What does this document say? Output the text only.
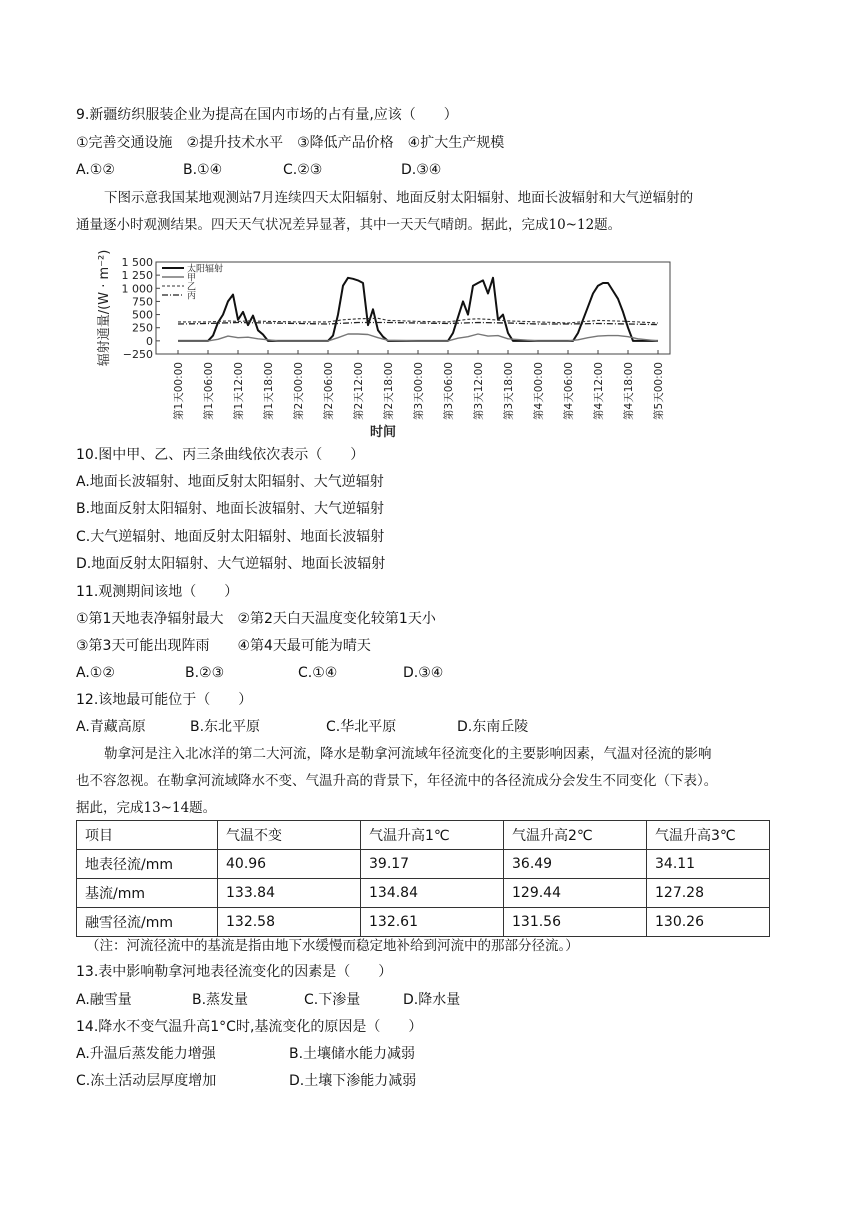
9.新疆纺织服装企业为提高在国内市场的占有量,应该（　　）
①完善交通设施　②提升技术水平　③降低产品价格　④扩大生产规模
A.①②	B.①④	C.②③	D.③④
下图示意我国某地观测站7月连续四天太阳辐射、地面反射太阳辐射、地面长波辐射和大气逆辐射的
通量逐小时观测结果。四天天气状况差异显著，其中一天天气晴朗。据此，完成10~12题。
1 500
1 250
1 000
750
500
250
0
−250
第1天00:00 第1天06:00 第1天12:00 第1天18:00 第2天00:00 第2天06:00 第2天12:00 第2天18:00 第3天00:00 第3天06:00 第3天12:00 第3天18:00 第4天00:00 第4天06:00 第4天12:00 第4天18:00 第5天00:00
太阳辐射
甲
乙
丙
辐射通量/(W · m⁻²)
时间
10.图中甲、乙、丙三条曲线依次表示（　　）
A.地面长波辐射、地面反射太阳辐射、大气逆辐射
B.地面反射太阳辐射、地面长波辐射、大气逆辐射
C.大气逆辐射、地面反射太阳辐射、地面长波辐射
D.地面反射太阳辐射、大气逆辐射、地面长波辐射
11.观测期间该地（　　）
①第1天地表净辐射最大　②第2天白天温度变化较第1天小
③第3天可能出现阵雨　　④第4天最可能为晴天
A.①②	B.②③	C.①④	D.③④
12.该地最可能位于（　　）
A.青藏高原	B.东北平原	C.华北平原	D.东南丘陵
勒拿河是注入北冰洋的第二大河流，降水是勒拿河流域年径流变化的主要影响因素，气温对径流的影响
也不容忽视。在勒拿河流域降水不变、气温升高的背景下，年径流中的各径流成分会发生不同变化（下表）。
据此，完成13~14题。
项目	气温不变	气温升高1℃	气温升高2℃	气温升高3℃
地表径流/mm	40.96	39.17	36.49	34.11
基流/mm	133.84	134.84	129.44	127.28
融雪径流/mm	132.58	132.61	131.56	130.26
（注：河流径流中的基流是指由地下水缓慢而稳定地补给到河流中的那部分径流。）
13.表中影响勒拿河地表径流变化的因素是（　　）
A.融雪量	B.蒸发量	C.下渗量	D.降水量
14.降水不变气温升高1°C时,基流变化的原因是（　　）
A.升温后蒸发能力增强	B.土壤储水能力减弱
C.冻土活动层厚度增加	D.土壤下渗能力减弱
